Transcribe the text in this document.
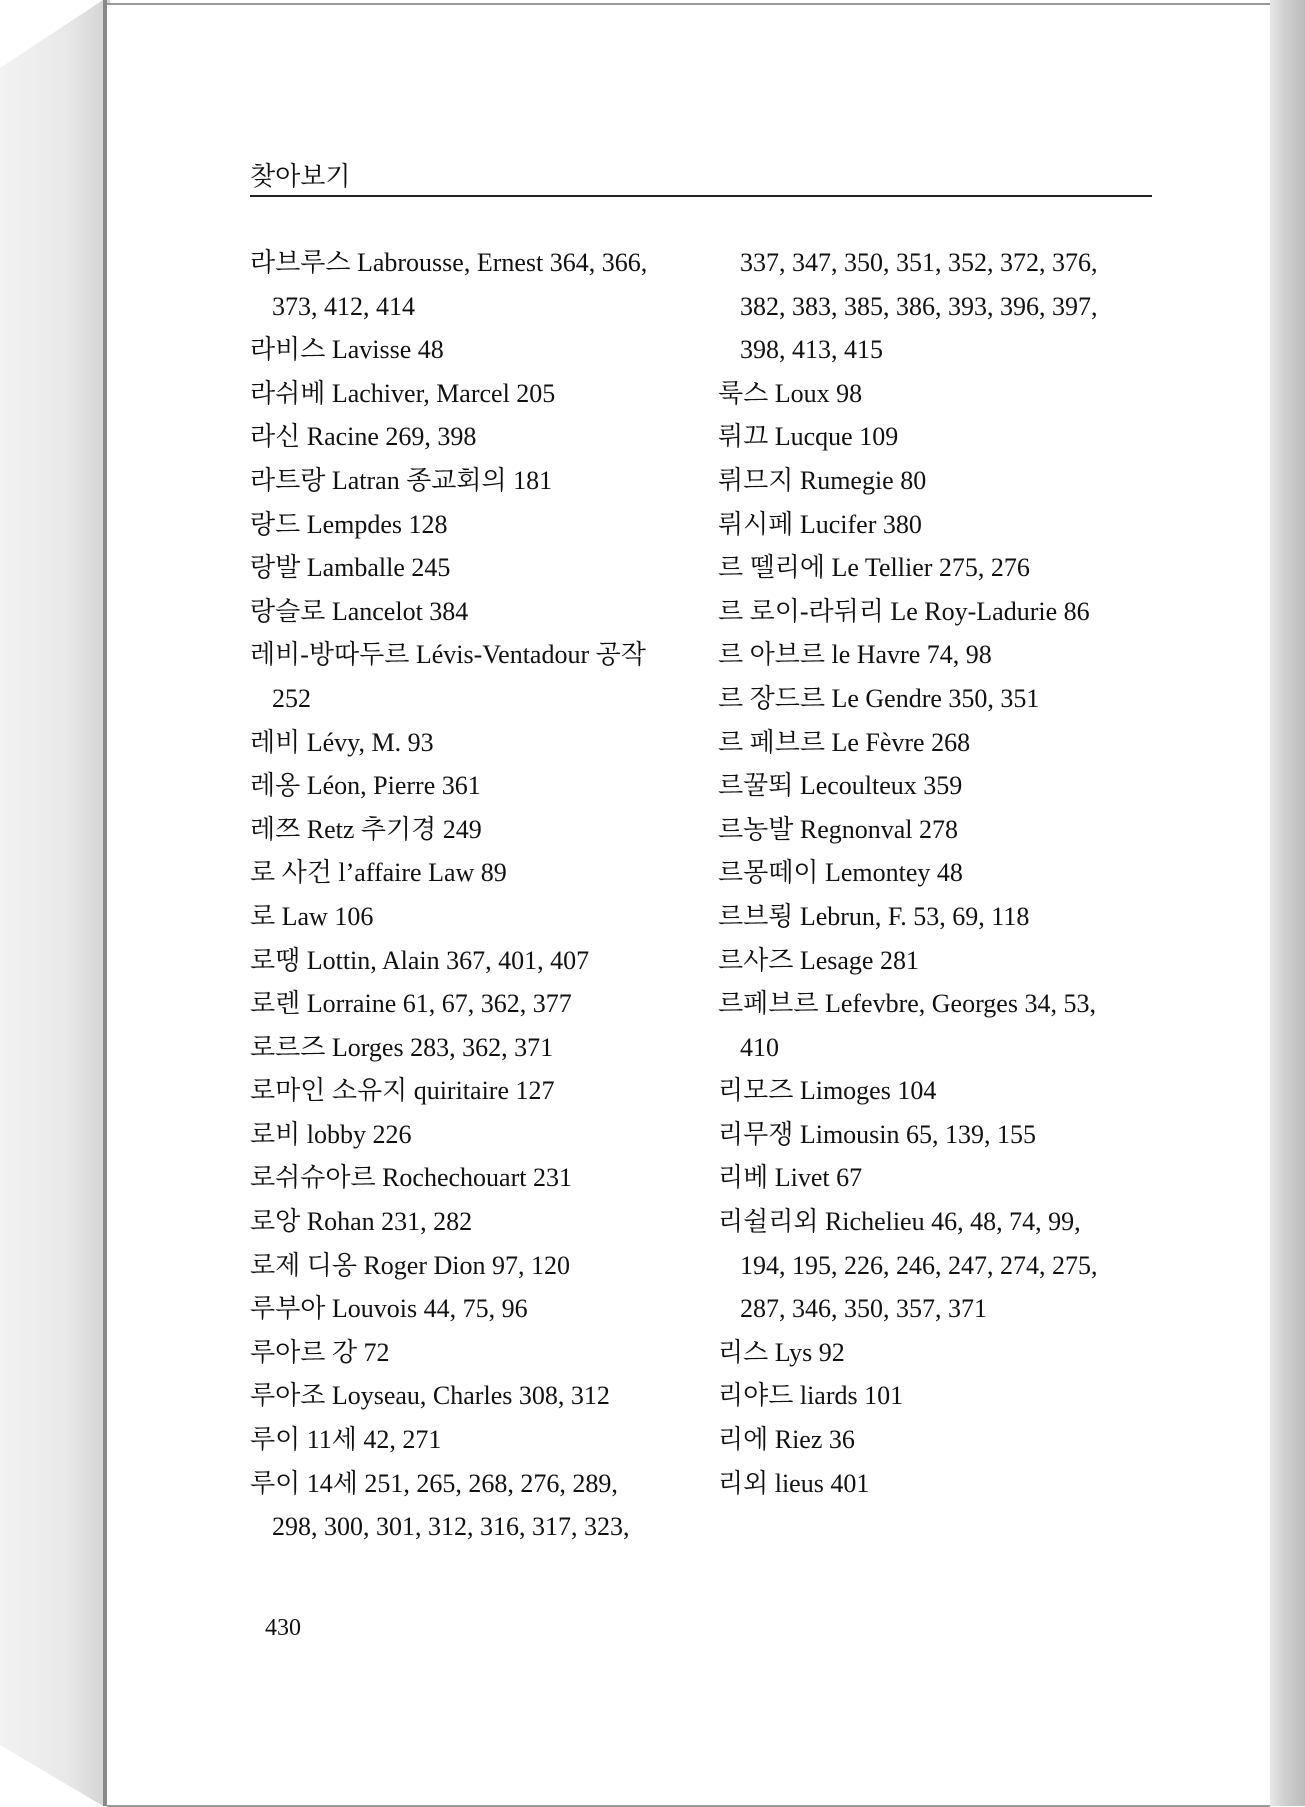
찾아보기
라브루스 Labrousse, Ernest 364, 366,
373, 412, 414
라비스 Lavisse 48
라쉬베 Lachiver, Marcel 205
라신 Racine 269, 398
라트랑 Latran 종교회의 181
랑드 Lempdes 128
랑발 Lamballe 245
랑슬로 Lancelot 384
레비-방따두르 Lévis-Ventadour 공작
252
레비 Lévy, M. 93
레옹 Léon, Pierre 361
레쯔 Retz 추기경 249
로 사건 l’affaire Law 89
로 Law 106
로땡 Lottin, Alain 367, 401, 407
로렌 Lorraine 61, 67, 362, 377
로르즈 Lorges 283, 362, 371
로마인 소유지 quiritaire 127
로비 lobby 226
로쉬슈아르 Rochechouart 231
로앙 Rohan 231, 282
로제 디옹 Roger Dion 97, 120
루부아 Louvois 44, 75, 96
루아르 강 72
루아조 Loyseau, Charles 308, 312
루이 11세 42, 271
루이 14세 251, 265, 268, 276, 289,
298, 300, 301, 312, 316, 317, 323,
337, 347, 350, 351, 352, 372, 376,
382, 383, 385, 386, 393, 396, 397,
398, 413, 415
룩스 Loux 98
뤼끄 Lucque 109
뤼므지 Rumegie 80
뤼시페 Lucifer 380
르 뗄리에 Le Tellier 275, 276
르 로이-라뒤리 Le Roy-Ladurie 86
르 아브르 le Havre 74, 98
르 장드르 Le Gendre 350, 351
르 페브르 Le Fèvre 268
르꿀뙤 Lecoulteux 359
르농발 Regnonval 278
르몽떼이 Lemontey 48
르브룅 Lebrun, F. 53, 69, 118
르사즈 Lesage 281
르페브르 Lefevbre, Georges 34, 53,
410
리모즈 Limoges 104
리무쟁 Limousin 65, 139, 155
리베 Livet 67
리쉴리외 Richelieu 46, 48, 74, 99,
194, 195, 226, 246, 247, 274, 275,
287, 346, 350, 357, 371
리스 Lys 92
리야드 liards 101
리에 Riez 36
리외 lieus 401
430
